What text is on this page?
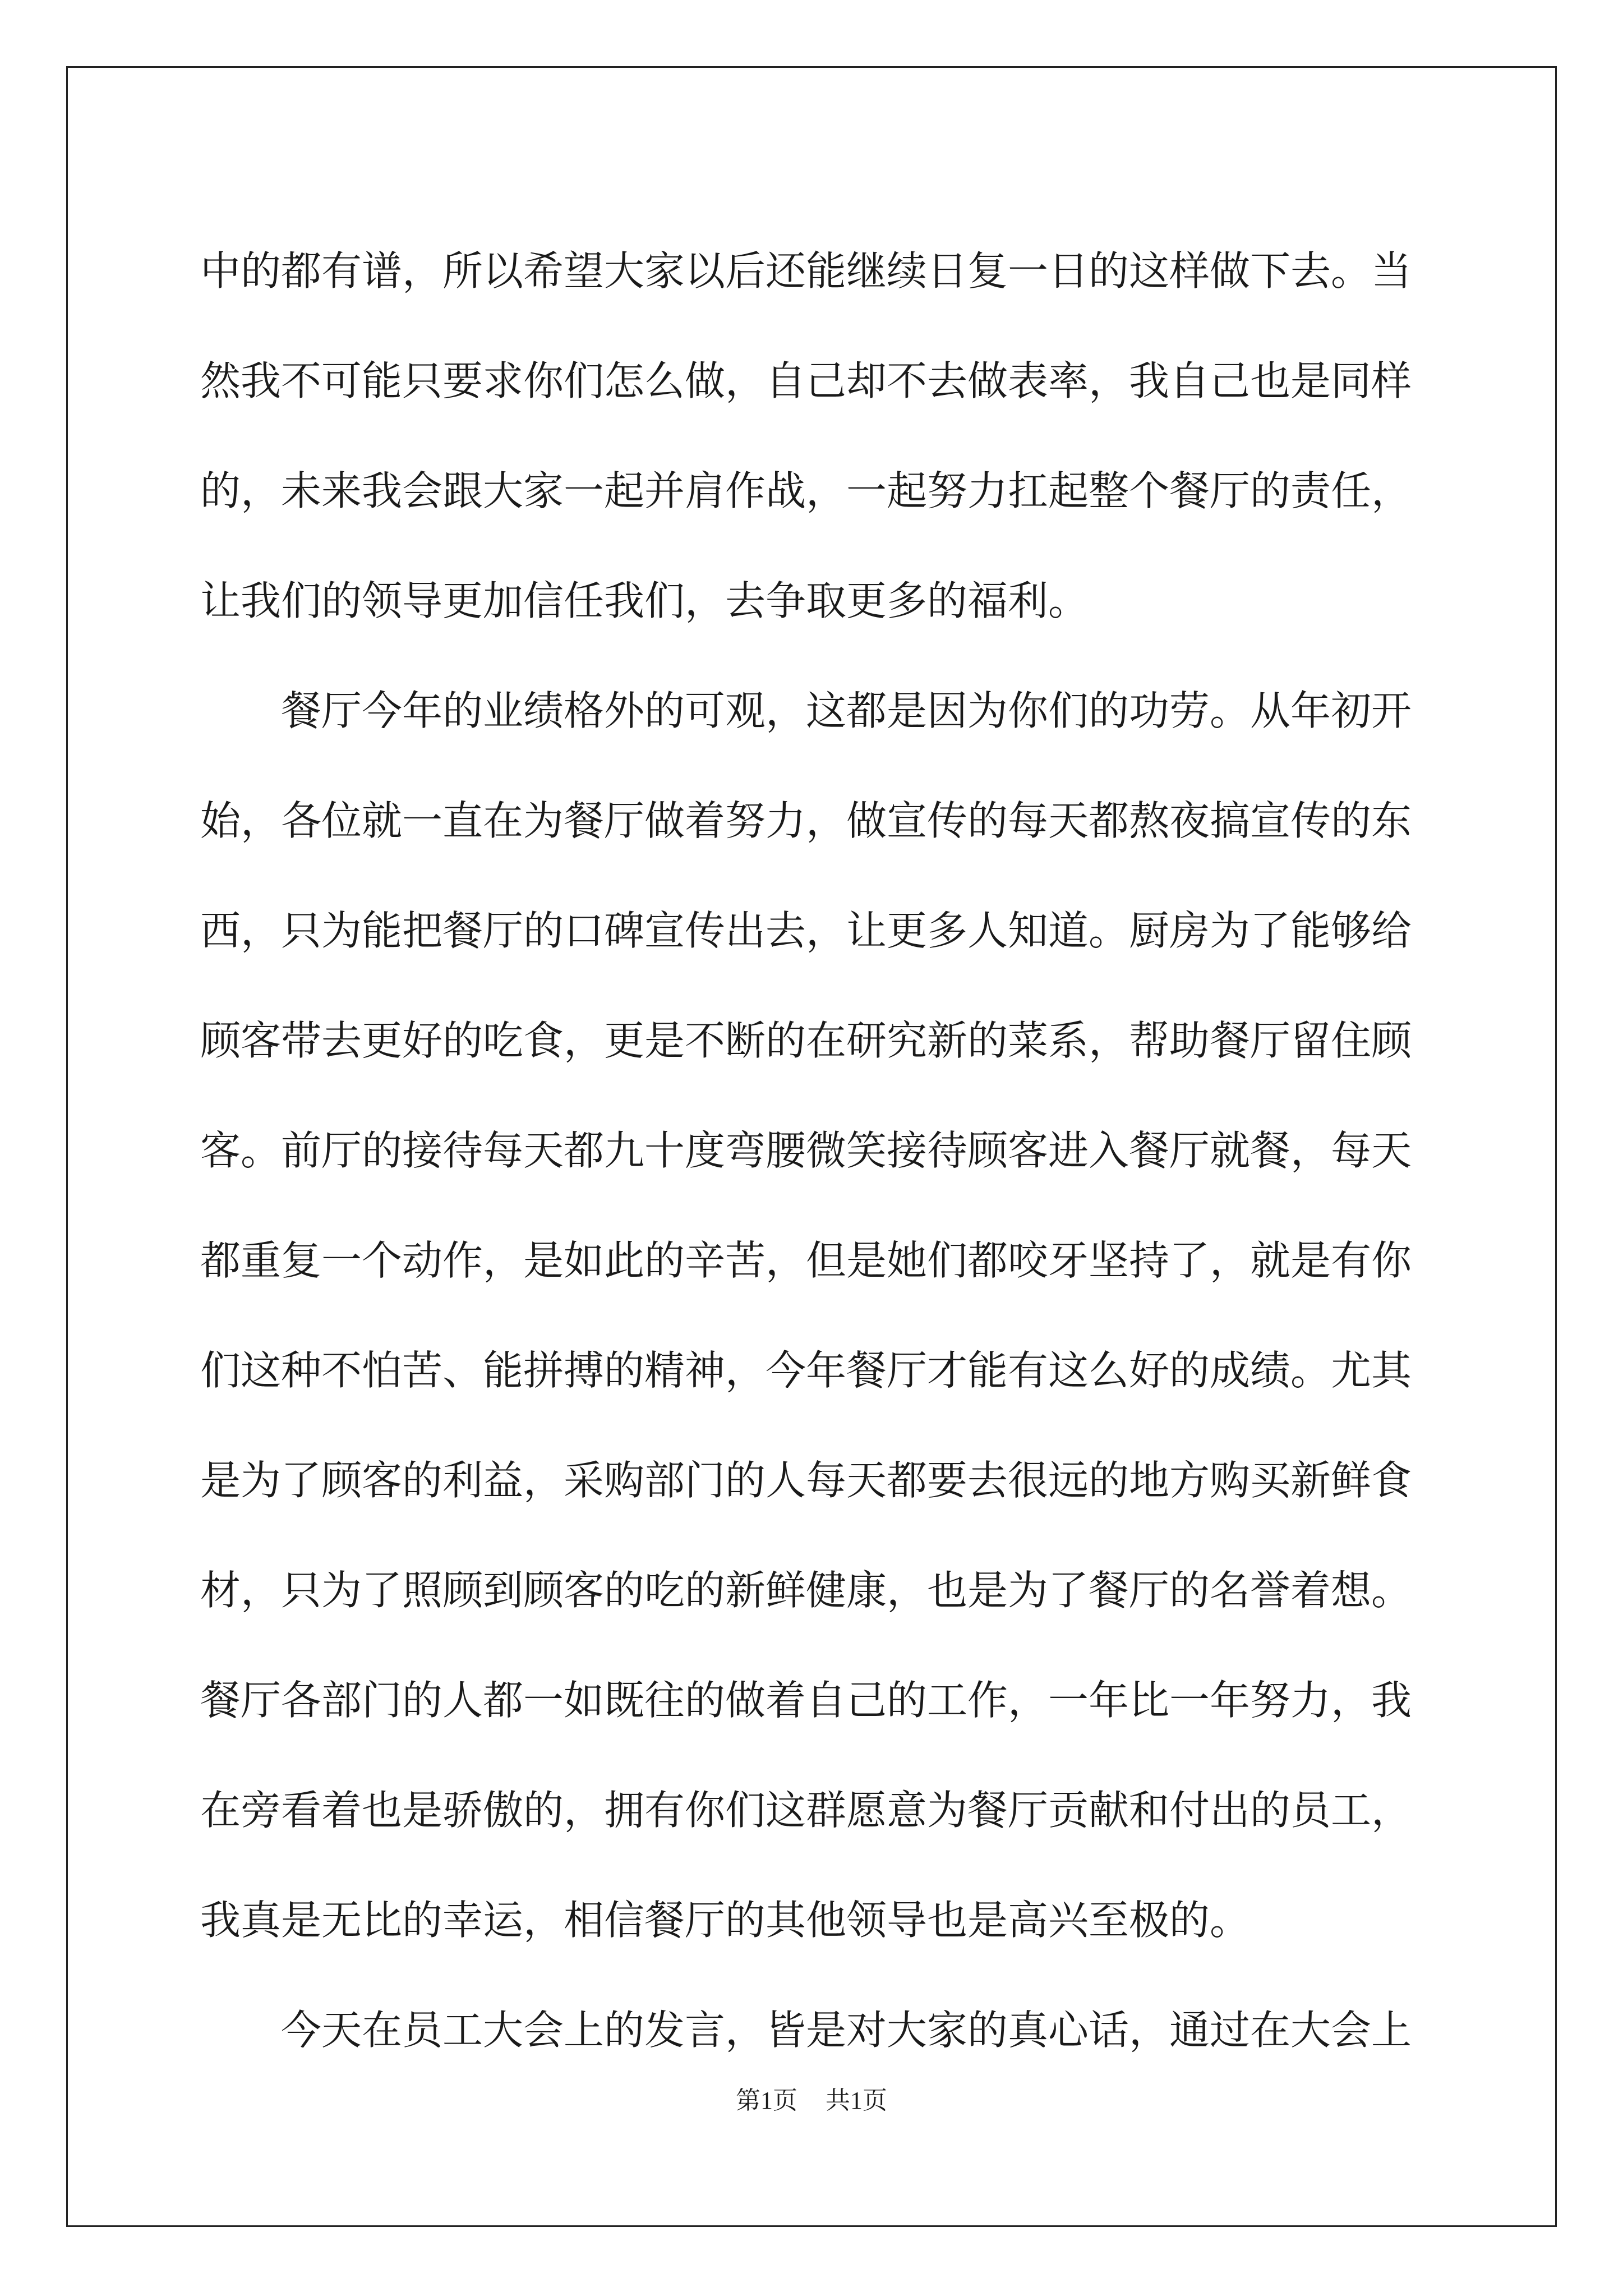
中的都有谱，所以希望大家以后还能继续日复一日的这样做下去。当
然我不可能只要求你们怎么做，自己却不去做表率，我自己也是同样
的，未来我会跟大家一起并肩作战，一起努力扛起整个餐厅的责任，
让我们的领导更加信任我们，去争取更多的福利。
　　餐厅今年的业绩格外的可观，这都是因为你们的功劳。从年初开
始，各位就一直在为餐厅做着努力，做宣传的每天都熬夜搞宣传的东
西，只为能把餐厅的口碑宣传出去，让更多人知道。厨房为了能够给
顾客带去更好的吃食，更是不断的在研究新的菜系，帮助餐厅留住顾
客。前厅的接待每天都九十度弯腰微笑接待顾客进入餐厅就餐，每天
都重复一个动作，是如此的辛苦，但是她们都咬牙坚持了，就是有你
们这种不怕苦、能拼搏的精神，今年餐厅才能有这么好的成绩。尤其
是为了顾客的利益，采购部门的人每天都要去很远的地方购买新鲜食
材，只为了照顾到顾客的吃的新鲜健康，也是为了餐厅的名誉着想。
餐厅各部门的人都一如既往的做着自己的工作，一年比一年努力，我
在旁看着也是骄傲的，拥有你们这群愿意为餐厅贡献和付出的员工，
我真是无比的幸运，相信餐厅的其他领导也是高兴至极的。
　　今天在员工大会上的发言，皆是对大家的真心话，通过在大会上
第1页 共1页
